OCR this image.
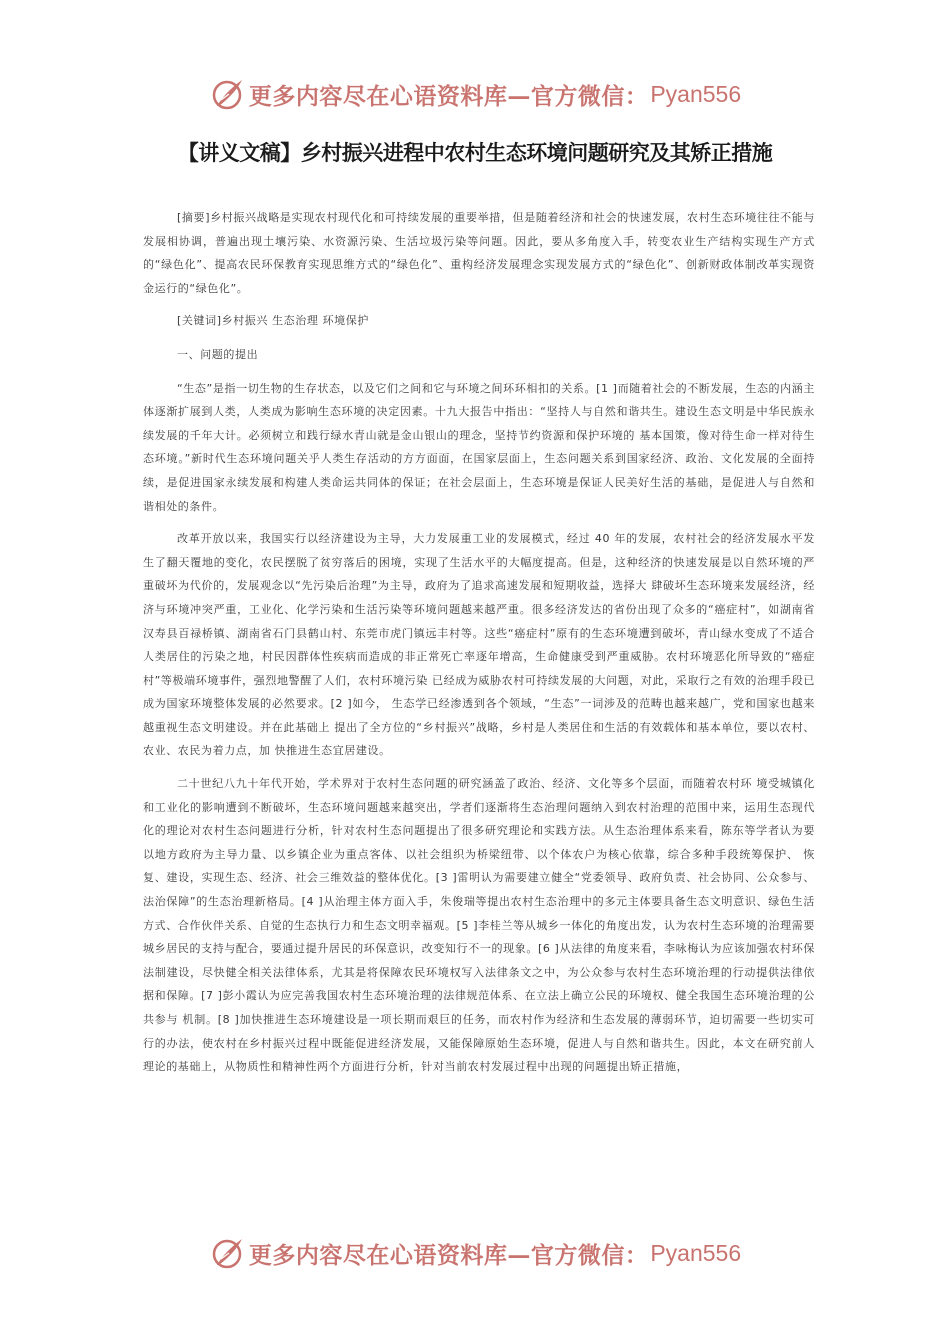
更多内容尽在心语资料库—官方微信： Pyan556
【讲义文稿】乡村振兴进程中农村生态环境问题研究及其矫正措施

[摘要]乡村振兴战略是实现农村现代化和可持续发展的重要举措，但是随着经济和社会的快速发展，农村生态环境往往不能与发展相协调，普遍出现土壤污染、水资源污染、生活垃圾污染等问题。因此，要从多角度入手，转变农业生产结构实现生产方式的“绿色化”、提高农民环保教育实现思维方式的“绿色化”、重构经济发展理念实现发展方式的“绿色化”、创新财政体制改革实现资金运行的“绿色化”。

[关键词]乡村振兴 生态治理 环境保护

一、问题的提出

“生态”是指一切生物的生存状态，以及它们之间和它与环境之间环环相扣的关系。[1 ]而随着社会的不断发展，生态的内涵主体逐渐扩展到人类，人类成为影响生态环境的决定因素。十九大报告中指出：“坚持人与自然和谐共生。建设生态文明是中华民族永续发展的千年大计。必须树立和践行绿水青山就是金山银山的理念，坚持节约资源和保护环境的 基本国策，像对待生命一样对待生态环境。”新时代生态环境问题关乎人类生存活动的方方面面，在国家层面上，生态问题关系到国家经济、政治、文化发展的全面持续，是促进国家永续发展和构建人类命运共同体的保证；在社会层面上，生态环境是保证人民美好生活的基础，是促进人与自然和谐相处的条件。

改革开放以来，我国实行以经济建设为主导，大力发展重工业的发展模式，经过 40 年的发展，农村社会的经济发展水平发生了翻天覆地的变化，农民摆脱了贫穷落后的困境，实现了生活水平的大幅度提高。但是，这种经济的快速发展是以自然环境的严重破坏为代价的，发展观念以“先污染后治理”为主导，政府为了追求高速发展和短期收益，选择大 肆破坏生态环境来发展经济，经济与环境冲突严重，工业化、化学污染和生活污染等环境问题越来越严重。很多经济发达的省份出现了众多的“癌症村”，如湖南省汉寿县百禄桥镇、湖南省石门县鹤山村、东莞市虎门镇远丰村等。这些“癌症村”原有的生态环境遭到破坏，青山绿水变成了不适合人类居住的污染之地，村民因群体性疾病而造成的非正常死亡率逐年增高，生命健康受到严重威胁。农村环境恶化所导致的“癌症村”等极端环境事件，强烈地警醒了人们，农村环境污染 已经成为威胁农村可持续发展的大问题，对此，采取行之有效的治理手段已成为国家环境整体发展的必然要求。[2 ]如今， 生态学已经渗透到各个领域，“生态”一词涉及的范畴也越来越广，党和国家也越来越重视生态文明建设。并在此基础上 提出了全方位的“乡村振兴”战略，乡村是人类居住和生活的有效载体和基本单位，要以农村、农业、农民为着力点，加 快推进生态宜居建设。

二十世纪八九十年代开始，学术界对于农村生态问题的研究涵盖了政治、经济、文化等多个层面，而随着农村环 境受城镇化和工业化的影响遭到不断破坏，生态环境问题越来越突出，学者们逐渐将生态治理问题纳入到农村治理的范围中来，运用生态现代化的理论对农村生态问题进行分析，针对农村生态问题提出了很多研究理论和实践方法。从生态治理体系来看，陈东等学者认为要以地方政府为主导力量、以乡镇企业为重点客体、以社会组织为桥梁纽带、以个体农户为核心依靠，综合多种手段统筹保护、 恢复、建设，实现生态、经济、社会三维效益的整体优化。[3 ]雷明认为需要建立健全“党委领导、政府负责、社会协同、公众参与、法治保障”的生态治理新格局。[4 ]从治理主体方面入手，朱俊瑞等提出农村生态治理中的多元主体要具备生态文明意识、绿色生活方式、合作伙伴关系、自觉的生态执行力和生态文明幸福观。[5 ]李桂兰等从城乡一体化的角度出发，认为农村生态环境的治理需要城乡居民的支持与配合，要通过提升居民的环保意识，改变知行不一的现象。[6 ]从法律的角度来看，李咏梅认为应该加强农村环保法制建设，尽快健全相关法律体系，尤其是将保障农民环境权写入法律条文之中，为公众参与农村生态环境治理的行动提供法律依据和保障。[7 ]彭小霞认为应完善我国农村生态环境治理的法律规范体系、在立法上确立公民的环境权、健全我国生态环境治理的公共参与 机制。[8 ]加快推进生态环境建设是一项长期而艰巨的任务，而农村作为经济和生态发展的薄弱环节，迫切需要一些切实可行的办法，使农村在乡村振兴过程中既能促进经济发展，又能保障原始生态环境，促进人与自然和谐共生。因此，本文在研究前人理论的基础上，从物质性和精神性两个方面进行分析，针对当前农村发展过程中出现的问题提出矫正措施，

更多内容尽在心语资料库—官方微信： Pyan556
